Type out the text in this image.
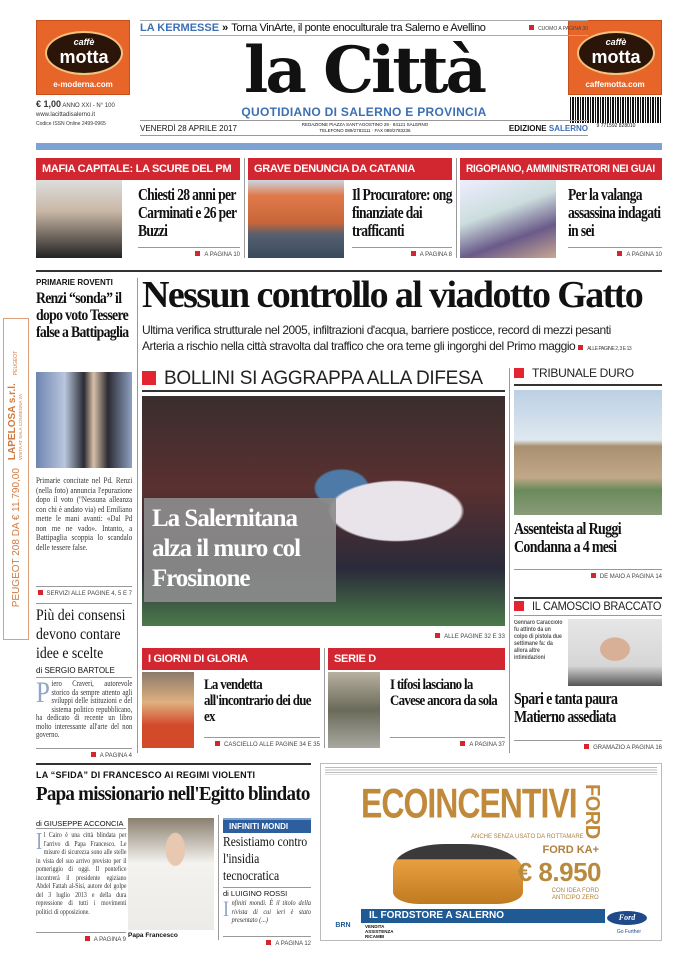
caffè
motta
e-moderna.com
caffè
motta
caffemotta.com
€ 1,00 ANNO XXI - N° 100
www.lacittadisalerno.it
Codice ISSN Online 2499-0965	9 771592 828010
LA KERMESSE » Torna VinArte, il ponte enoculturale tra Salerno e Avellino	CUOMO A PAGINA 30
la Città
QUOTIDIANO DI SALERNO E PROVINCIA
VENERDÌ 28 APRILE 2017	REDAZIONE PIAZZA SANT'AGOSTINO 29 · 84121 SALERNO
TELEFONO 089/2783111 · FAX 089/2783236	EDIZIONE SALERNO
MAFIA CAPITALE: LA SCURE DEL PM
Chiesti 28 anni per Carminati e 26 per Buzzi
A PAGINA 10
GRAVE DENUNCIA DA CATANIA
Il Procuratore: ong finanziate dai trafficanti
A PAGINA 8
RIGOPIANO, AMMINISTRATORI NEI GUAI
Per la valanga assassina indagati in sei
A PAGINA 10
PEUGEOT 208 DA € 11.790,00
LAPELOSA s.r.l. VISITA AT SALA CONSEGNA 2A
PEUGEOT
PRIMARIE ROVENTI
Renzi “sonda” il dopo voto Tessere false a Battipaglia
Primarie concitate nel Pd. Renzi (nella foto) annuncia l'epurazione dopo il voto ("Nessuna alleanza con chi è andato via) ed Emiliano mette le mani avanti: «Dal Pd non me ne vado». Intanto, a Battipaglia scoppia lo scandalo delle tessere false.
SERVIZI ALLE PAGINE 4, 5 E 7
Più dei consensi devono contare idee e scelte
di SERGIO BARTOLE
Piero Craveri, autorevole storico da sempre attento agli sviluppi delle istituzioni e del sistema politico repubblicano, ha dedicato di recente un libro molto interessante all'arte del non governo.
A PAGINA 4
Nessun controllo al viadotto Gatto
Ultima verifica strutturale nel 2005, infiltrazioni d'acqua, barriere posticce, record di mezzi pesanti
Arteria a rischio nella città stravolta dal traffico che ora teme gli ingorghi del Primo maggio ALLE PAGINE 2, 3 E 13
BOLLINI SI AGGRAPPA ALLA DIFESA
La Salernitana alza il muro col Frosinone
ALLE PAGINE 32 E 33
I GIORNI DI GLORIA
La vendetta all'incontrario dei due ex
CASCIELLO ALLE PAGINE 34 E 35
SERIE D
I tifosi lasciano la Cavese ancora da sola
A PAGINA 37
TRIBUNALE DURO
Assenteista al Ruggi Condanna a 4 mesi
DE MAIO A PAGINA 14
IL CAMOSCIO BRACCATO
Gennaro Caracciolo fu attinto da un colpo di pistola due settimane fa: da allora altre intimidazioni
Spari e tanta paura Matierno assediata
GRAMAZIO A PAGINA 16
LA “SFIDA” DI FRANCESCO AI REGIMI VIOLENTI
Papa missionario nell'Egitto blindato
di GIUSEPPE ACCONCIA
Il Cairo è una città blindata per l'arrivo di Papa Francesco. Le misure di sicurezza sono alle stelle in vista del suo arrivo previsto per il pomeriggio di oggi. Il pontefice incontrerà il presidente egiziano Abdel Fattah al-Sisi, autore del golpe del 3 luglio 2013 e della dura repressione di tutti i movimenti politici di opposizione.
A PAGINA 9
Papa Francesco
INFINITI MONDI
Resistiamo contro l'insidia tecnocratica
di LUIGINO ROSSI
Infiniti mondi. È il titolo della rivista di cui ieri è stato presentato (...)
A PAGINA 12
ECOINCENTIVI FORD
ANCHE SENZA USATO DA ROTTAMARE
FORD KA+
€ 8.950
CON IDEA FORD
ANTICIPO ZERO
IL FORDSTORE A SALERNO
VENDITA
ASSISTENZA
RICAMBI
BRN
Ford
Go Further
